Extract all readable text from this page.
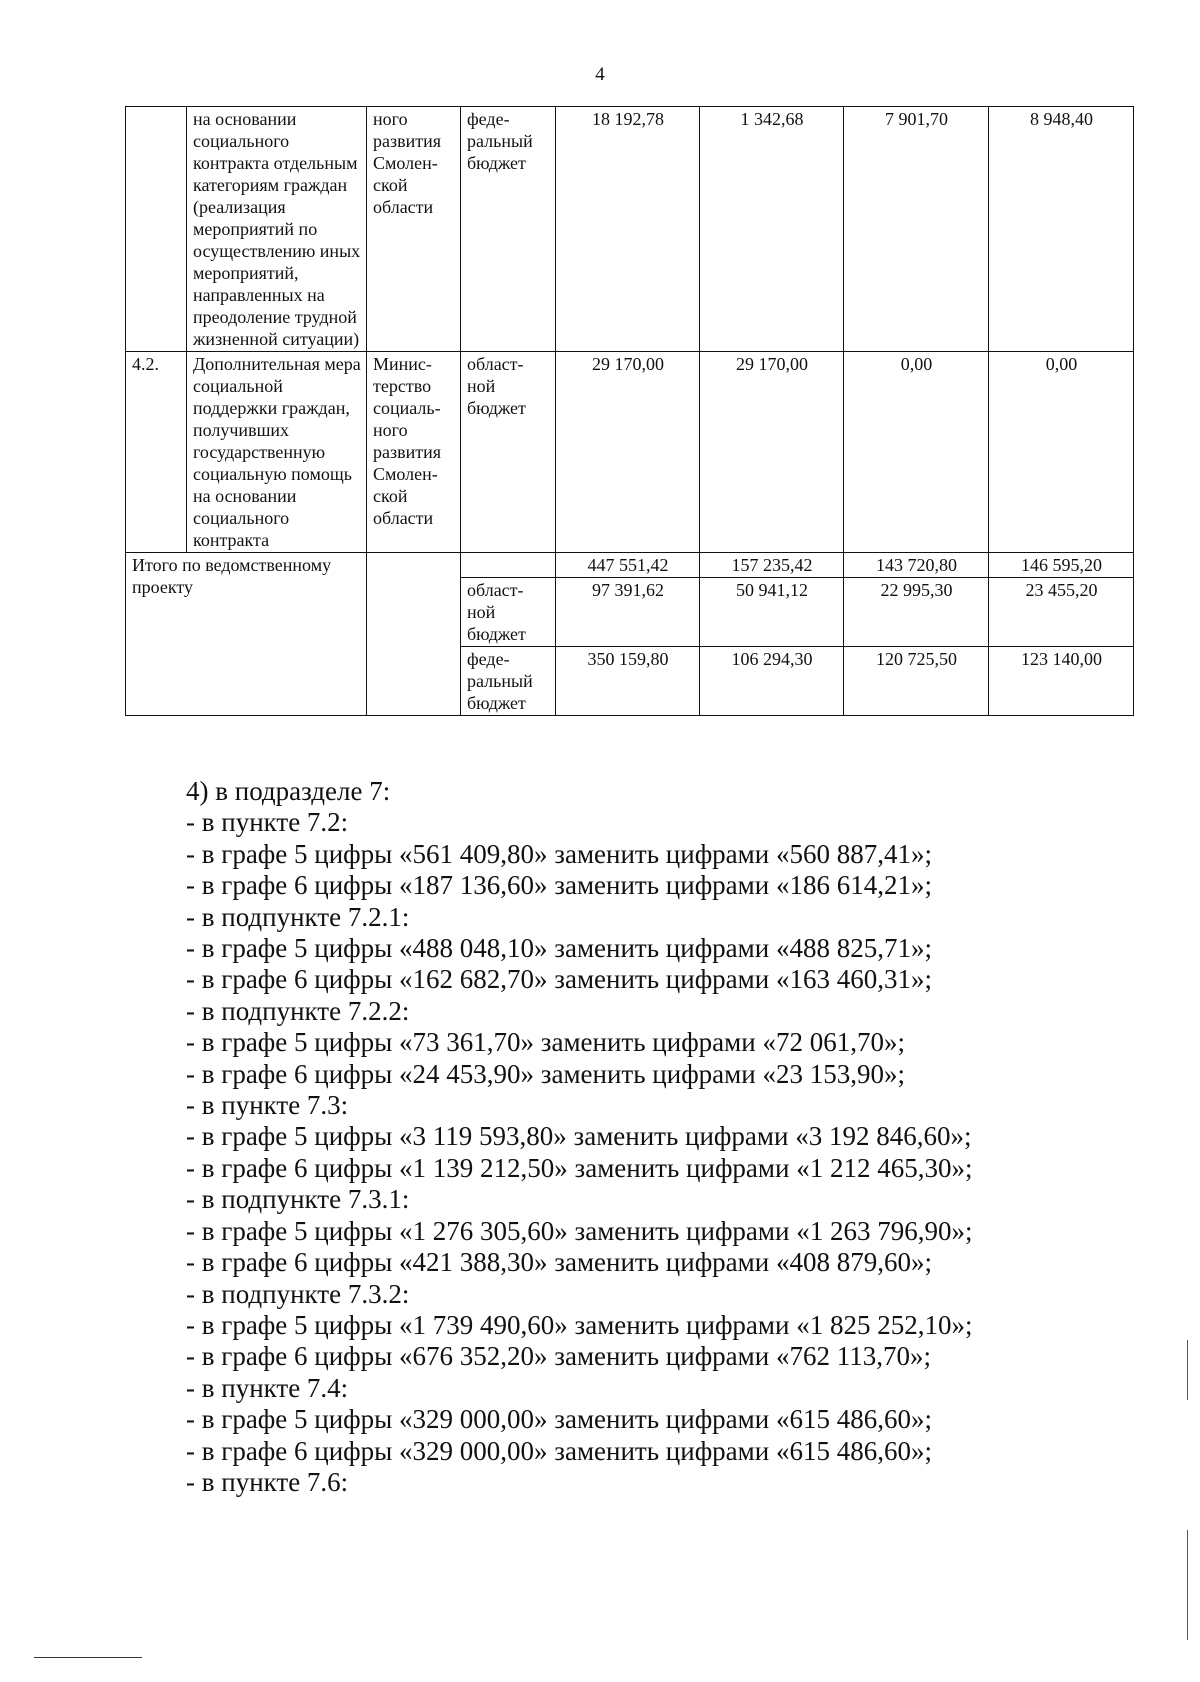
4
	на основании социального контракта отдельным категориям граждан (реализация мероприятий по осуществлению иных мероприятий, направленных на преодоление трудной жизненной ситуации)	ного развития Смолен-ской области	феде-ральный бюджет	18 192,78	1 342,68	7 901,70	8 948,40
4.2.	Дополнительная мера социальной поддержки граждан, получивших государственную социальную помощь на основании социального контракта	Минис-терство социаль-ного развития Смолен-ской области	област-ной бюджет	29 170,00	29 170,00	0,00	0,00
Итого по ведомственному проекту				447 551,42	157 235,42	143 720,80	146 595,20
			област-ной бюджет	97 391,62	50 941,12	22 995,30	23 455,20
			феде-ральный бюджет	350 159,80	106 294,30	120 725,50	123 140,00
4) в подразделе 7:
- в пункте 7.2:
- в графе 5 цифры «561 409,80» заменить цифрами «560 887,41»;
- в графе 6 цифры «187 136,60» заменить цифрами «186 614,21»;
- в подпункте 7.2.1:
- в графе 5 цифры «488 048,10» заменить цифрами «488 825,71»;
- в графе 6 цифры «162 682,70» заменить цифрами «163 460,31»;
- в подпункте 7.2.2:
- в графе 5 цифры «73 361,70» заменить цифрами «72 061,70»;
- в графе 6 цифры «24 453,90» заменить цифрами «23 153,90»;
- в пункте 7.3:
- в графе 5 цифры «3 119 593,80» заменить цифрами «3 192 846,60»;
- в графе 6 цифры «1 139 212,50» заменить цифрами «1 212 465,30»;
- в подпункте 7.3.1:
- в графе 5 цифры «1 276 305,60» заменить цифрами «1 263 796,90»;
- в графе 6 цифры «421 388,30» заменить цифрами «408 879,60»;
- в подпункте 7.3.2:
- в графе 5 цифры «1 739 490,60» заменить цифрами «1 825 252,10»;
- в графе 6 цифры «676 352,20» заменить цифрами «762 113,70»;
- в пункте 7.4:
- в графе 5 цифры «329 000,00» заменить цифрами «615 486,60»;
- в графе 6 цифры «329 000,00» заменить цифрами «615 486,60»;
- в пункте 7.6:
